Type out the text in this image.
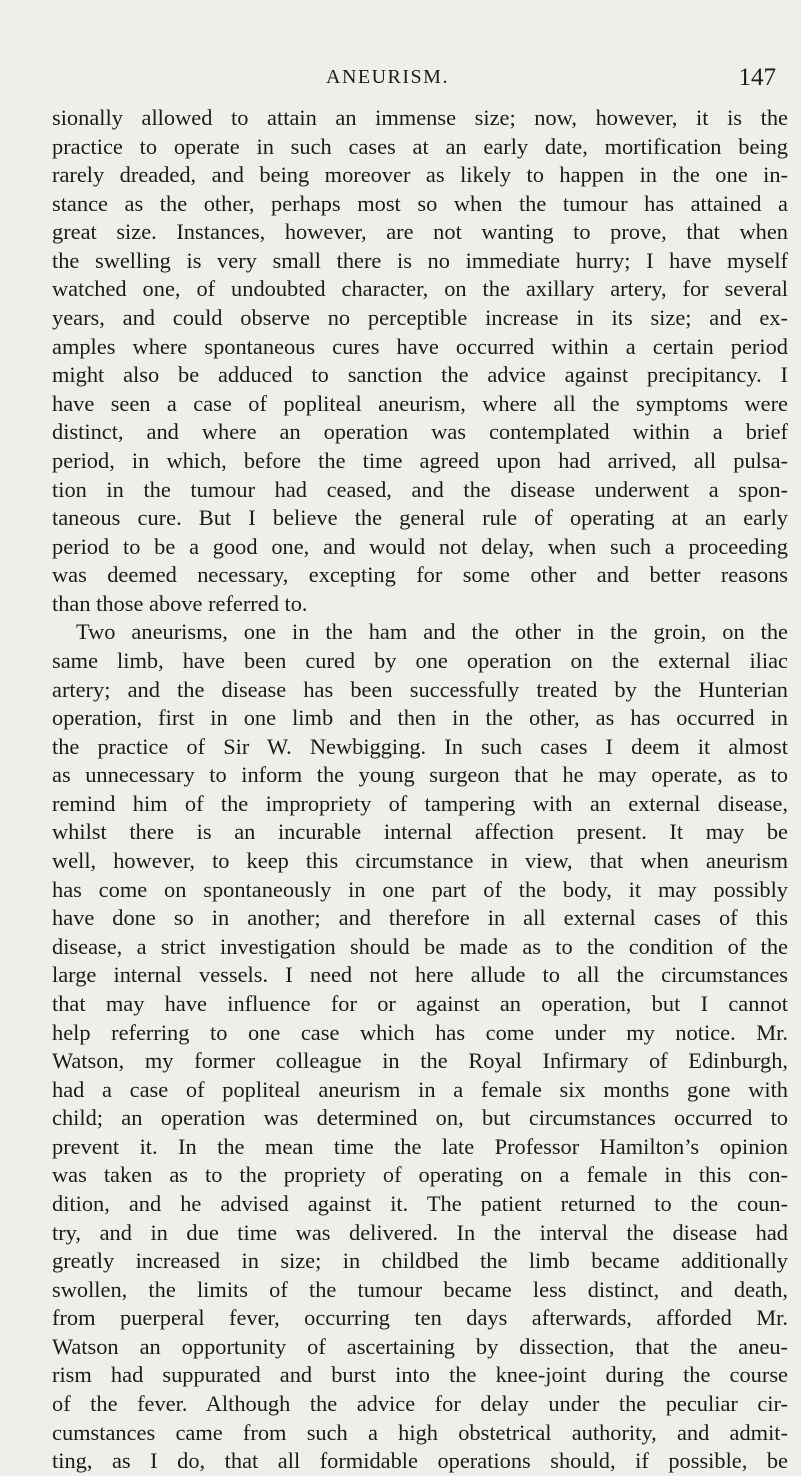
ANEURISM.	147
sionally allowed to attain an immense size; now, however, it is the
practice to operate in such cases at an early date, mortification being
rarely dreaded, and being moreover as likely to happen in the one in-
stance as the other, perhaps most so when the tumour has attained a
great size. Instances, however, are not wanting to prove, that when
the swelling is very small there is no immediate hurry; I have myself
watched one, of undoubted character, on the axillary artery, for several
years, and could observe no perceptible increase in its size; and ex-
amples where spontaneous cures have occurred within a certain period
might also be adduced to sanction the advice against precipitancy. I
have seen a case of popliteal aneurism, where all the symptoms were
distinct, and where an operation was contemplated within a brief
period, in which, before the time agreed upon had arrived, all pulsa-
tion in the tumour had ceased, and the disease underwent a spon-
taneous cure. But I believe the general rule of operating at an early
period to be a good one, and would not delay, when such a proceeding
was deemed necessary, excepting for some other and better reasons
than those above referred to.
Two aneurisms, one in the ham and the other in the groin, on the
same limb, have been cured by one operation on the external iliac
artery; and the disease has been successfully treated by the Hunterian
operation, first in one limb and then in the other, as has occurred in
the practice of Sir W. Newbigging. In such cases I deem it almost
as unnecessary to inform the young surgeon that he may operate, as to
remind him of the impropriety of tampering with an external disease,
whilst there is an incurable internal affection present. It may be
well, however, to keep this circumstance in view, that when aneurism
has come on spontaneously in one part of the body, it may possibly
have done so in another; and therefore in all external cases of this
disease, a strict investigation should be made as to the condition of the
large internal vessels. I need not here allude to all the circumstances
that may have influence for or against an operation, but I cannot
help referring to one case which has come under my notice. Mr.
Watson, my former colleague in the Royal Infirmary of Edinburgh,
had a case of popliteal aneurism in a female six months gone with
child; an operation was determined on, but circumstances occurred to
prevent it. In the mean time the late Professor Hamilton’s opinion
was taken as to the propriety of operating on a female in this con-
dition, and he advised against it. The patient returned to the coun-
try, and in due time was delivered. In the interval the disease had
greatly increased in size; in childbed the limb became additionally
swollen, the limits of the tumour became less distinct, and death,
from puerperal fever, occurring ten days afterwards, afforded Mr.
Watson an opportunity of ascertaining by dissection, that the aneu-
rism had suppurated and burst into the knee-joint during the course
of the fever. Although the advice for delay under the peculiar cir-
cumstances came from such a high obstetrical authority, and admit-
ting, as I do, that all formidable operations should, if possible, be
